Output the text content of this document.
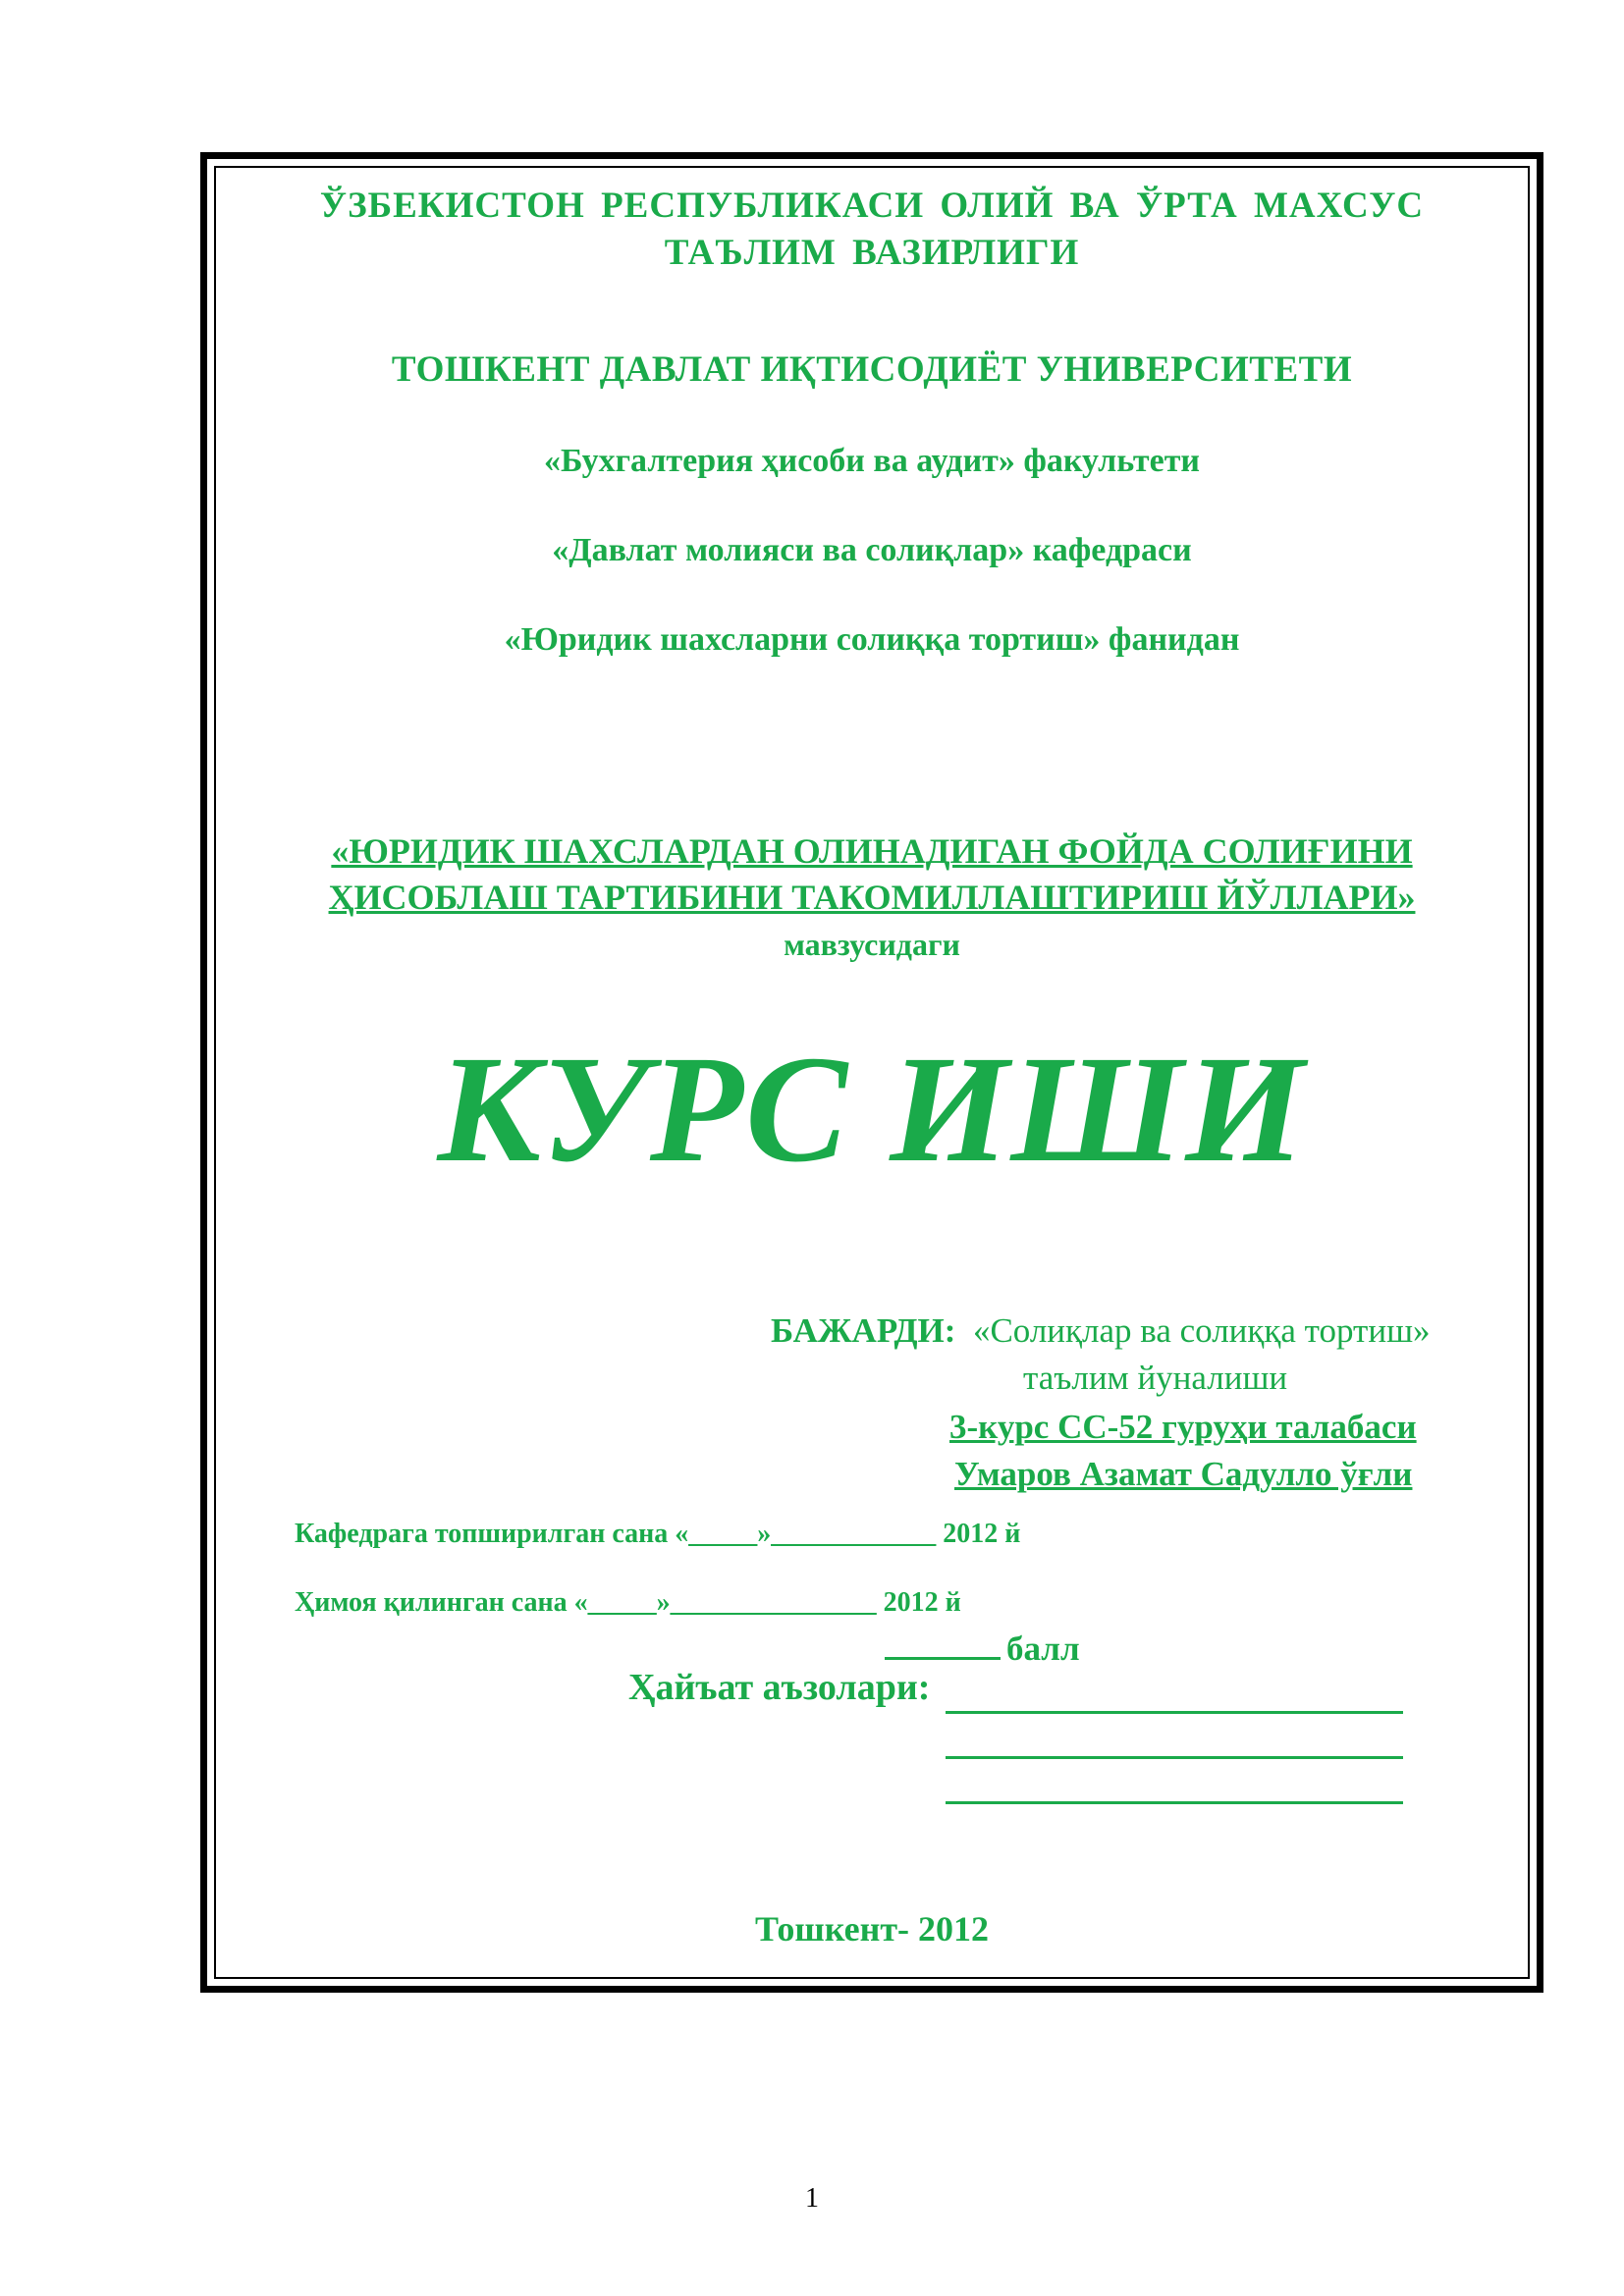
ЎЗБЕКИСТОН РЕСПУБЛИКАСИ ОЛИЙ ВА ЎРТА МАХСУС
ТАЪЛИМ ВАЗИРЛИГИ

ТОШКЕНТ ДАВЛАТ ИҚТИСОДИЁТ УНИВЕРСИТЕТИ

«Бухгалтерия ҳисоби ва аудит» факультети

«Давлат молияси ва солиқлар» кафедраси

«Юридик шахсларни солиққа тортиш» фанидан

«ЮРИДИК ШАХСЛАРДАН ОЛИНАДИГАН ФОЙДА СОЛИҒИНИ
ҲИСОБЛАШ ТАРТИБИНИ ТАКОМИЛЛАШТИРИШ ЙЎЛЛАРИ»
мавзусидаги

КУРС ИШИ

БАЖАРДИ: «Солиқлар ва солиққа тортиш»

таълим йуналиши

3-курс СС-52 гуруҳи талабаси

Умаров Азамат Садулло ўғли

Кафедрага топширилган сана «_____»____________ 2012 й

Ҳимоя қилинган сана «_____»_______________ 2012 й

балл

Ҳайъат аъзолари:

Тошкент- 2012

1
